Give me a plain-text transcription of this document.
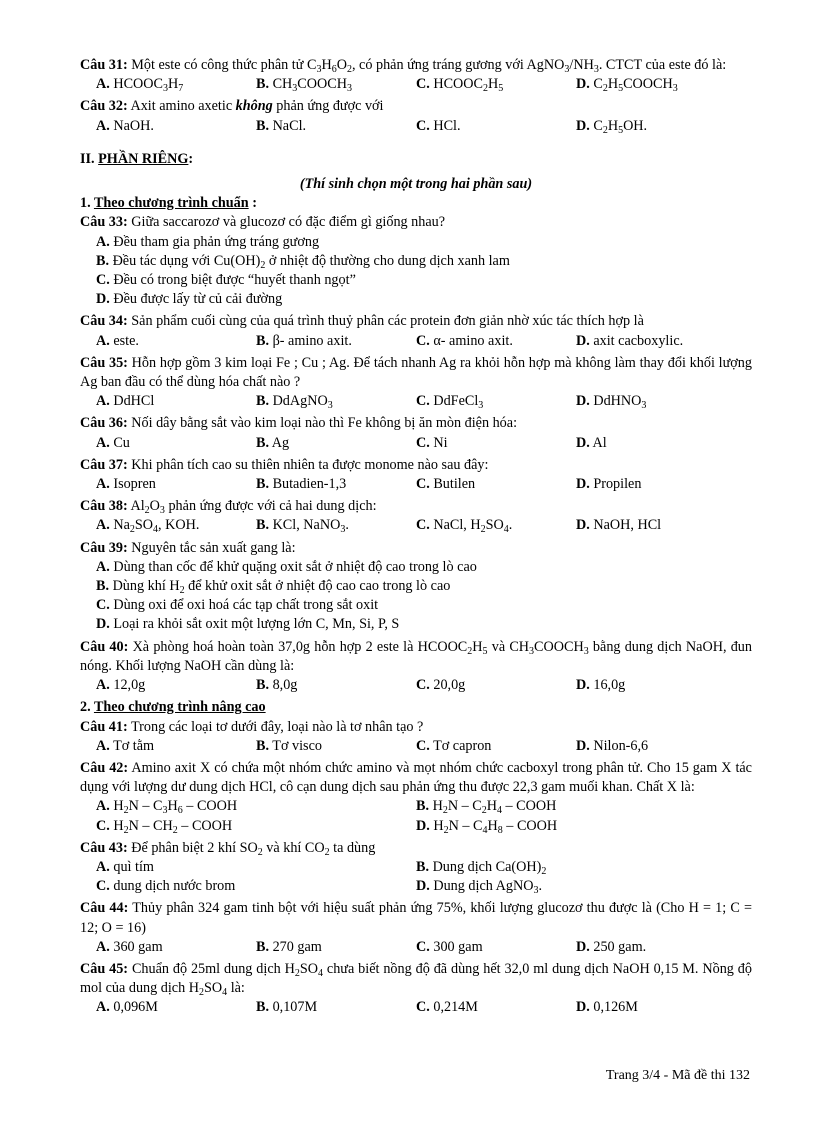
Câu 31: Một este có công thức phân tử $C_3H_6O_2$, có phản ứng tráng gương với $AgNO_3/NH_3$. CTCT của este đó là:

A. $HCOOC_3H_7$	B. $CH_3COOCH_3$	C. $HCOOC_2H_5$	D. $C_2H_5COOCH_3$

Câu 32: Axit amino axetic không phản ứng được với

A. NaOH.	B. NaCl.	C. HCl.	D. $C_2H_5OH$.

II. PHẦN RIÊNG:

(Thí sinh chọn một trong hai phần sau)

1. Theo chương trình chuẩn :

Câu 33: Giữa saccarozơ và glucozơ có đặc điểm gì giống nhau?

A. Đều tham gia phản ứng tráng gương

B. Đều tác dụng với $Cu(OH)_2$ ở nhiệt độ thường cho dung dịch xanh lam

C. Đều có trong biệt được “huyết thanh ngọt”

D. Đều được lấy từ củ cải đường

Câu 34: Sản phẩm cuối cùng của quá trình thuỷ phân các protein đơn giản nhờ xúc tác thích hợp là

A. este.	B. β- amino axit.	C. α- amino axit.	D. axit cacboxylic.

Câu 35: Hỗn hợp gồm 3 kim loại Fe ; Cu ; Ag. Để tách nhanh Ag ra khỏi hỗn hợp mà không làm thay đổi khối lượng Ag ban đầu có thể dùng hóa chất nào ?

A. DdHCl	B. DdAgNO$_3$	C. DdFeCl$_3$	D. DdHNO$_3$

Câu 36: Nối dây bằng sắt vào kim loại nào thì Fe không bị ăn mòn điện hóa:

A. Cu	B. Ag	C. Ni	D. Al

Câu 37: Khi phân tích cao su thiên nhiên ta được monome nào sau đây:

A. Isopren	B. Butadien-1,3	C. Butilen	D. Propilen

Câu 38: $Al_2O_3$ phản ứng được với cả hai dung dịch:

A. $Na_2SO_4$, KOH.	B. KCl, NaNO$_3$.	C. NaCl, $H_2SO_4$.	D. NaOH, HCl

Câu 39: Nguyên tắc sản xuất gang là:

A. Dùng than cốc để khử quặng oxit sắt ở nhiệt độ cao trong lò cao

B. Dùng khí $H_2$ để khử oxit sắt ở nhiệt độ cao cao trong lò cao

C. Dùng oxi để oxi hoá các tạp chất trong sắt oxit

D. Loại ra khỏi sắt oxit một lượng lớn C, Mn, Si, P, S

Câu 40: Xà phòng hoá hoàn toàn 37,0g hỗn hợp 2 este là $HCOOC_2H_5$ và $CH_3COOCH_3$ bằng dung dịch NaOH, đun nóng. Khối lượng NaOH cần dùng là:

A. 12,0g	B. 8,0g	C. 20,0g	D. 16,0g

2. Theo chương trình nâng cao

Câu 41: Trong các loại tơ dưới đây, loại nào là tơ nhân tạo ?

A. Tơ tằm	B. Tơ visco	C. Tơ capron	D. Nilon-6,6

Câu 42: Amino axit X có chứa một nhóm chức amino và mọt nhóm chức cacboxyl trong phân tử. Cho 15 gam X tác dụng với lượng dư dung dịch HCl, cô cạn dung dịch sau phản ứng thu được 22,3 gam muối khan. Chất X là:

A. $H_2N - C_3H_6$ – COOH	B. $H_2N - C_2H_4$ – COOH
C. $H_2N - CH_2$ – COOH	D. $H_2N - C_4H_8$ – COOH

Câu 43: Để phân biệt 2 khí $SO_2$ và khí $CO_2$ ta dùng

A. quì tím	B. Dung dịch $Ca(OH)_2$
C. dung dịch nước brom	D. Dung dịch AgNO$_3$.

Câu 44: Thủy phân 324 gam tinh bột với hiệu suất phản ứng 75%, khối lượng glucozơ thu được là (Cho H = 1; C = 12; O = 16)

A. 360 gam	B. 270 gam	C. 300 gam	D. 250 gam.

Câu 45: Chuẩn độ 25ml dung dịch $H_2SO_4$ chưa biết nồng độ đã dùng hết 32,0 ml dung dịch NaOH 0,15 M. Nồng độ mol của dung dịch $H_2SO_4$ là:

A. 0,096M	B. 0,107M	C. 0,214M	D. 0,126M
Trang 3/4 - Mã đề thi 132
